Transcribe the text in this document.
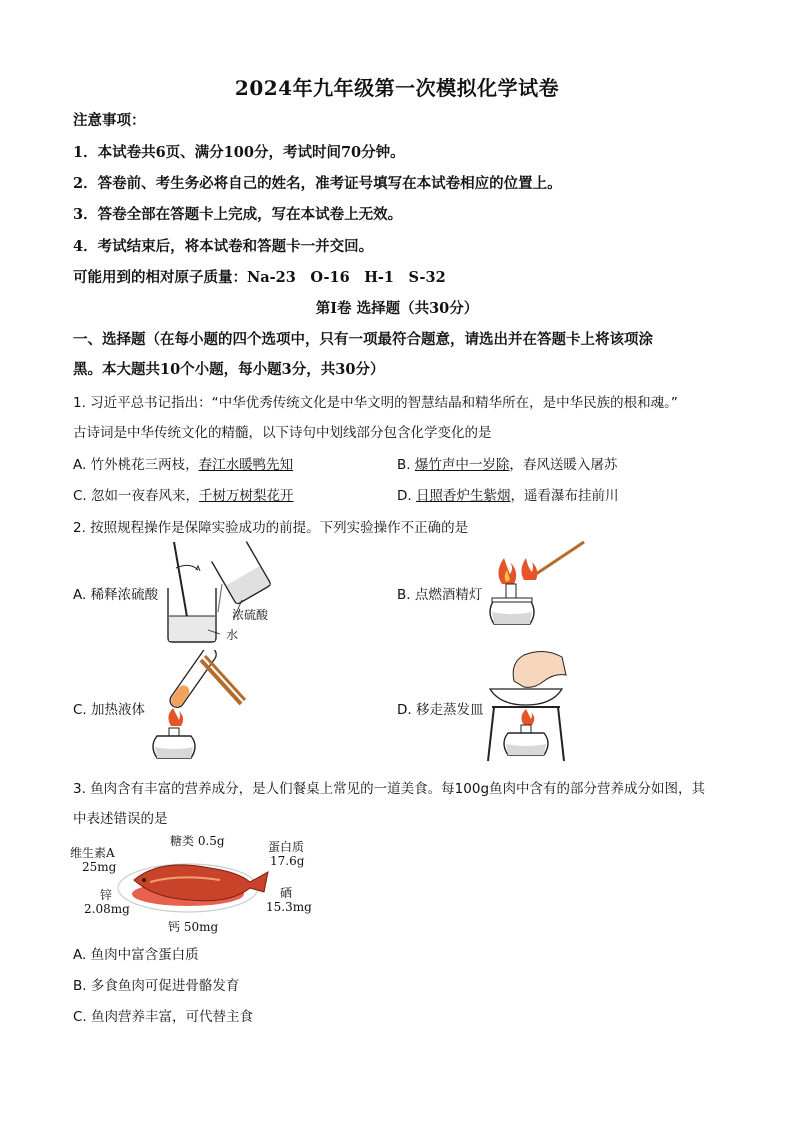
2024年九年级第一次模拟化学试卷
注意事项：
1．本试卷共6页、满分100分，考试时间70分钟。
2．答卷前、考生务必将自己的姓名，准考证号填写在本试卷相应的位置上。
3．答卷全部在答题卡上完成，写在本试卷上无效。
4．考试结束后，将本试卷和答题卡一并交回。
可能用到的相对原子质量：Na-23　O-16　H-1　S-32
第Ⅰ卷 选择题（共30分）
一、选择题（在每小题的四个选项中，只有一项最符合题意，请选出并在答题卡上将该项涂
黑。本大题共10个小题，每小题3分，共30分）
1. 习近平总书记指出：“中华优秀传统文化是中华文明的智慧结晶和精华所在，是中华民族的根和魂。”
古诗词是中华传统文化的精髓，以下诗句中划线部分包含化学变化的是
A. 竹外桃花三两枝，春江水暖鸭先知	B. 爆竹声中一岁除，春风送暖入屠苏
C. 忽如一夜春风来，千树万树梨花开	D. 日照香炉生紫烟，遥看瀑布挂前川
2. 按照规程操作是保障实验成功的前提。下列实验操作不正确的是
A. 稀释浓硫酸	B. 点燃酒精灯
C. 加热液体	D. 移走蒸发皿
浓硫酸
水
3. 鱼肉含有丰富的营养成分，是人们餐桌上常见的一道美食。每100g鱼肉中含有的部分营养成分如图，其
中表述错误的是
糖类 0.5g
维生素A
25mg
蛋白质
17.6g
锌
2.08mg
硒
15.3mg
钙 50mg
A. 鱼肉中富含蛋白质
B. 多食鱼肉可促进骨骼发育
C. 鱼肉营养丰富，可代替主食
